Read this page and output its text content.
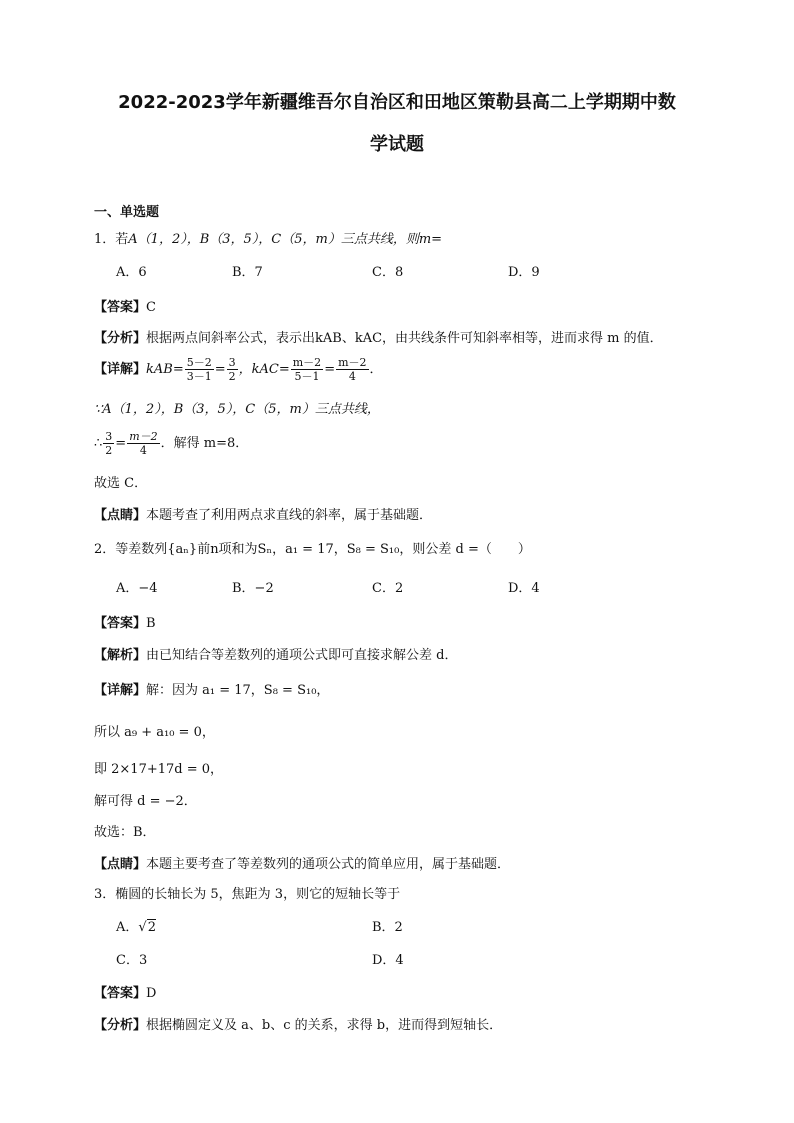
2022-2023学年新疆维吾尔自治区和田地区策勒县高二上学期期中数
学试题
一、单选题
1．若A（1，2），B（3，5），C（5，m）三点共线，则m=
A．6	B．7	C．8	D．9
【答案】C
【分析】根据两点间斜率公式，表示出kAB、kAC，由共线条件可知斜率相等，进而求得 m 的值．
【详解】$kAB= \frac{5-2}{3-1} = \frac{3}{2}$ ，$kAC= \frac{m-2}{5-1} = \frac{m-2}{4}$ ．
∵A（1，2），B（3，5），C（5，m）三点共线，
∴ $\frac{3}{2} = \frac{m-2}{4}$ ．解得 m=8．
故选 C．
【点睛】本题考查了利用两点求直线的斜率，属于基础题．
2．等差数列{aₙ}前n项和为Sₙ，a₁ = 17，S₈ = S₁₀，则公差 d =（　　）
A．−4	B．−2	C．2	D．4
【答案】B
【解析】由已知结合等差数列的通项公式即可直接求解公差 d．
【详解】解：因为 a₁ = 17，S₈ = S₁₀，
所以 a₉ + a₁₀ = 0，
即 2×17+17d = 0，
解可得 d = −2．
故选：B．
【点睛】本题主要考查了等差数列的通项公式的简单应用，属于基础题．
3．椭圆的长轴长为 5，焦距为 3，则它的短轴长等于
A．√2	B．2
C．3	D．4
【答案】D
【分析】根据椭圆定义及 a、b、c 的关系，求得 b，进而得到短轴长．
